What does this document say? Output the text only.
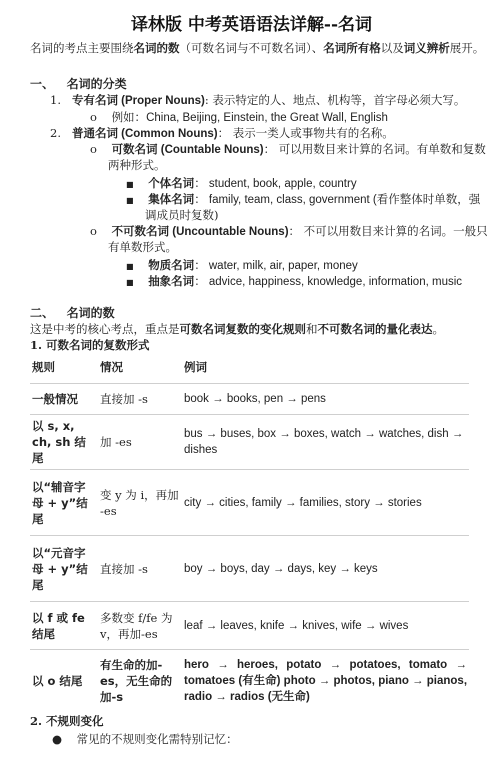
译林版 中考英语语法详解--名词
名词的考点主要围绕名词的数（可数名词与不可数名词）、名词所有格以及词义辨析展开。
一、 名词的分类
1. 专有名词 (Proper Nouns): 表示特定的人、地点、机构等，首字母必须大写。
o 例如：China, Beijing, Einstein, the Great Wall, English
2. 普通名词 (Common Nouns)： 表示一类人或事物共有的名称。
o 可数名词 (Countable Nouns)： 可以用数目来计算的名词。有单数和复数
两种形式。
■ 个体名词： student, book, apple, country
■ 集体名词： family, team, class, government (看作整体时单数，强
调成员时复数)
o 不可数名词 (Uncountable Nouns)： 不可以用数目来计算的名词。一般只
有单数形式。
■ 物质名词： water, milk, air, paper, money
■ 抽象名词： advice, happiness, knowledge, information, music
二、 名词的数
这是中考的核心考点，重点是可数名词复数的变化规则和不可数名词的量化表达。
1. 可数名词的复数形式
规则	情况	例词
一般情况	直接加 -s	book → books, pen → pens
以 s, x, ch, sh 结尾	加 -es	bus → buses, box → boxes, watch → watches, dish → dishes
以“辅音字母 + y”结尾	变 y 为 i，再加 -es	city → cities, family → families, story → stories
以“元音字母 + y”结尾	直接加 -s	boy → boys, day → days, key → keys
以 f 或 fe 结尾	多数变 f/fe 为 v，再加-es	leaf → leaves, knife → knives, wife → wives
以 o 结尾	有生命的加-es，无生命的加-s	hero → heroes, potato → potatoes, tomato → tomatoes (有生命) photo → photos, piano → pianos, radio → radios (无生命)
2. 不规则变化
● 常见的不规则变化需特别记忆：
